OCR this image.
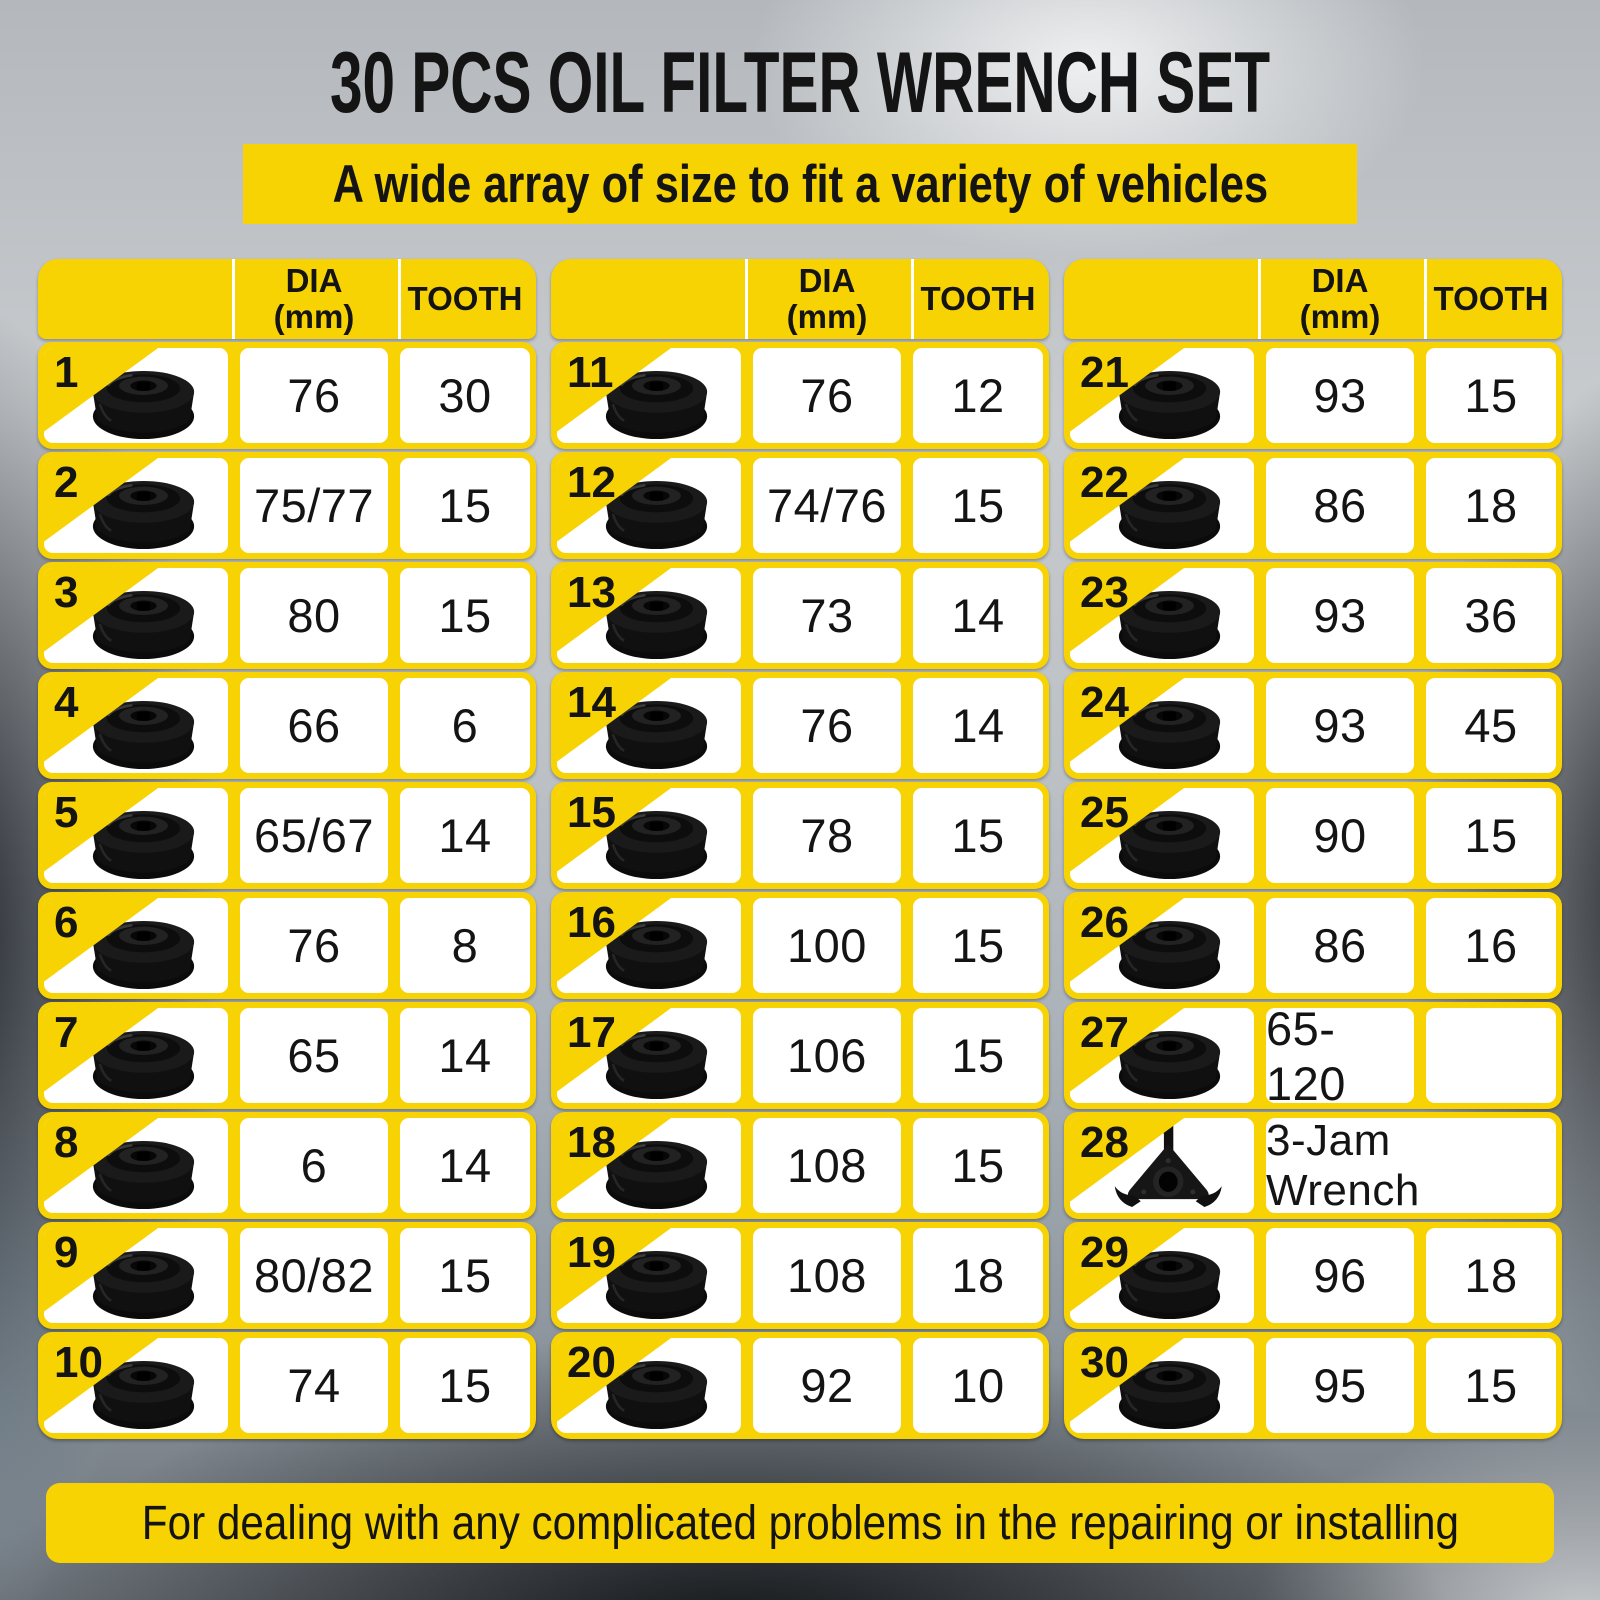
30 PCS OIL FILTER WRENCH SET
A wide array of size to fit a variety of vehicles
DIA
(mm) TOOTH
1	76	30
2	75/77	15
3	80	15
4	66	6
5	65/67	14
6	76	8
7	65	14
8	6	14
9	80/82	15
10	74	15
DIA
(mm) TOOTH
11	76	12
12	74/76	15
13	73	14
14	76	14
15	78	15
16	100	15
17	106	15
18	108	15
19	108	18
20	92	10
DIA
(mm) TOOTH
21	93	15
22	86	18
23	93	36
24	93	45
25	90	15
26	86	16
27	65-120
28	3-Jam Wrench
29	96	18
30	95	15
For dealing with any complicated problems in the repairing or installing
